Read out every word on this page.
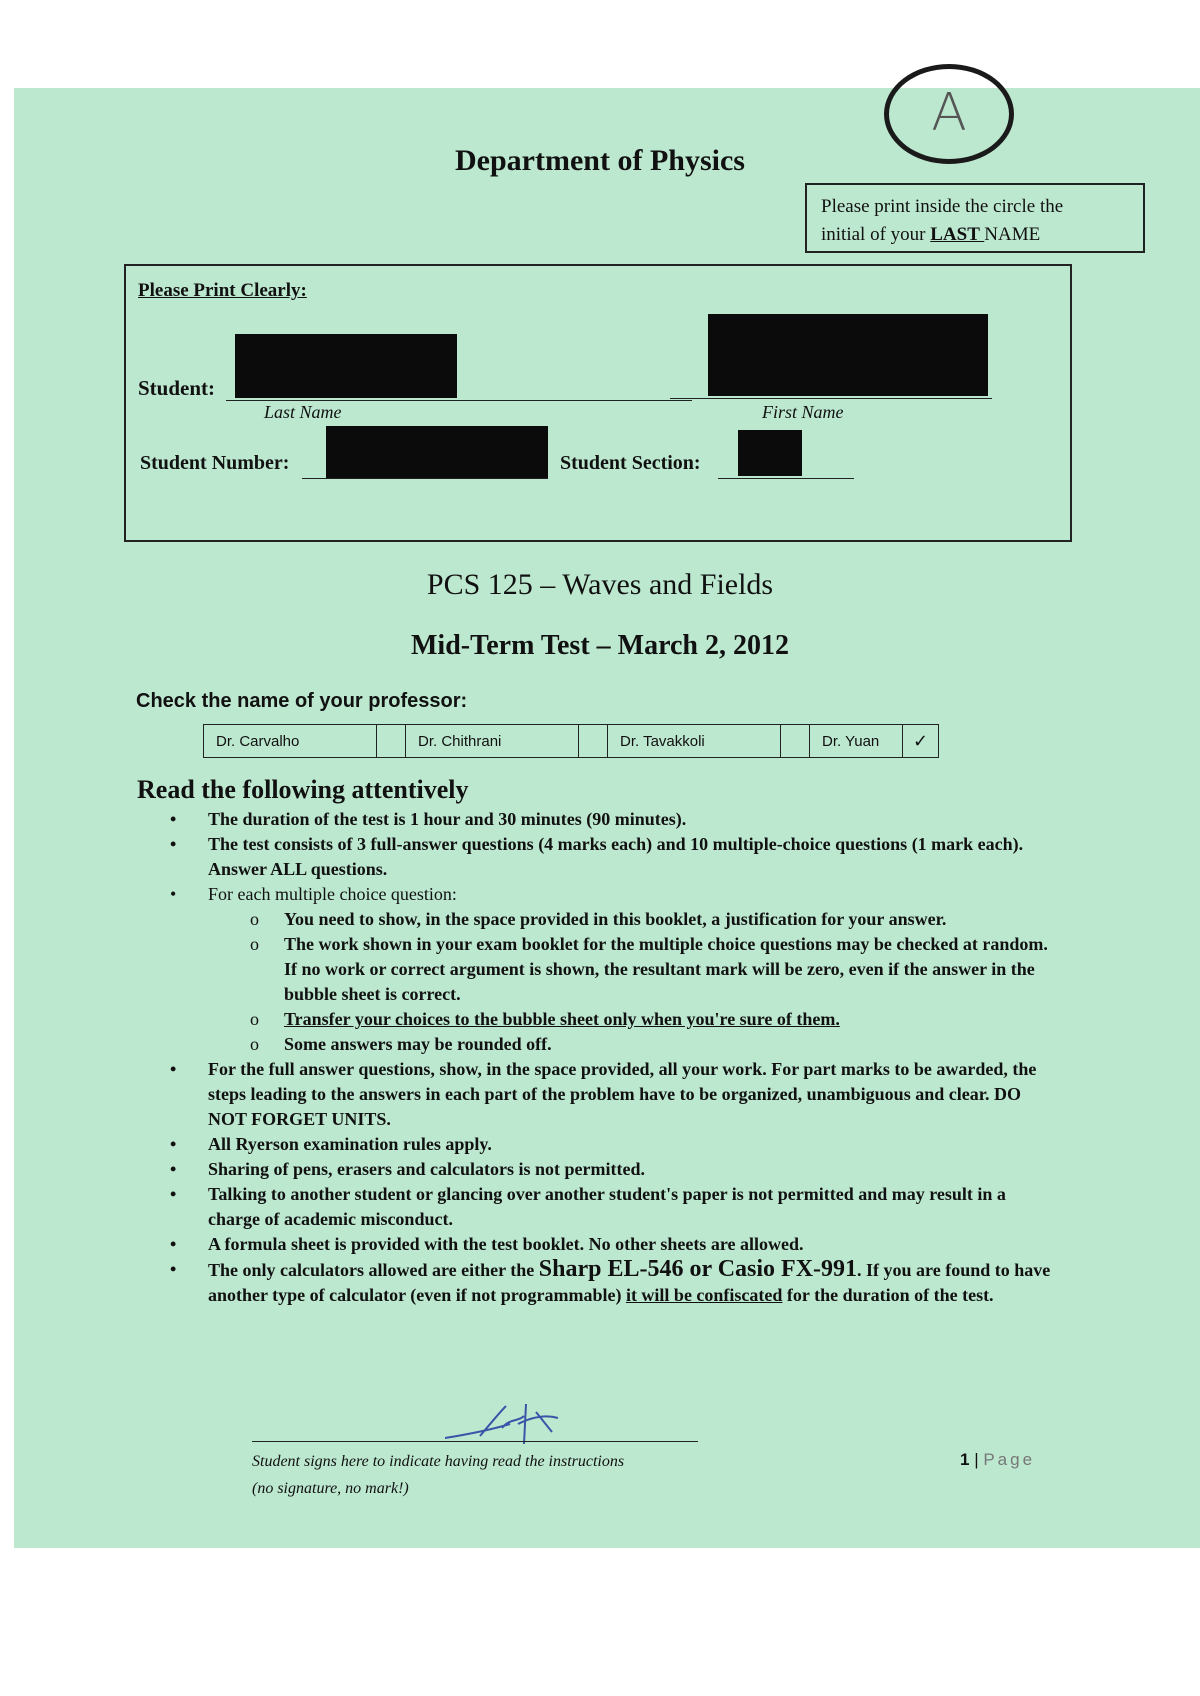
Department of Physics
A
Please print inside the circle the
initial of your LAST NAME
Please Print Clearly:
Student:
Last Name	First Name
Student Number:	Student Section:
PCS 125 – Waves and Fields
Mid-Term Test – March 2, 2012
Check the name of your professor:
Dr. Carvalho		Dr. Chithrani		Dr. Tavakkoli		Dr. Yuan	✓
Read the following attentively
• The duration of the test is 1 hour and 30 minutes (90 minutes).
• The test consists of 3 full-answer questions (4 marks each) and 10 multiple-choice questions (1 mark each). Answer ALL questions.
• For each multiple choice question:
o You need to show, in the space provided in this booklet, a justification for your answer.
o The work shown in your exam booklet for the multiple choice questions may be checked at random. If no work or correct argument is shown, the resultant mark will be zero, even if the answer in the bubble sheet is correct.
o Transfer your choices to the bubble sheet only when you're sure of them.
o Some answers may be rounded off.
• For the full answer questions, show, in the space provided, all your work. For part marks to be awarded, the steps leading to the answers in each part of the problem have to be organized, unambiguous and clear. DO NOT FORGET UNITS.
• All Ryerson examination rules apply.
• Sharing of pens, erasers and calculators is not permitted.
• Talking to another student or glancing over another student's paper is not permitted and may result in a charge of academic misconduct.
• A formula sheet is provided with the test booklet. No other sheets are allowed.
• The only calculators allowed are either the Sharp EL-546 or Casio FX-991. If you are found to have another type of calculator (even if not programmable) it will be confiscated for the duration of the test.
Student signs here to indicate having read the instructions
(no signature, no mark!)
1 | Page
